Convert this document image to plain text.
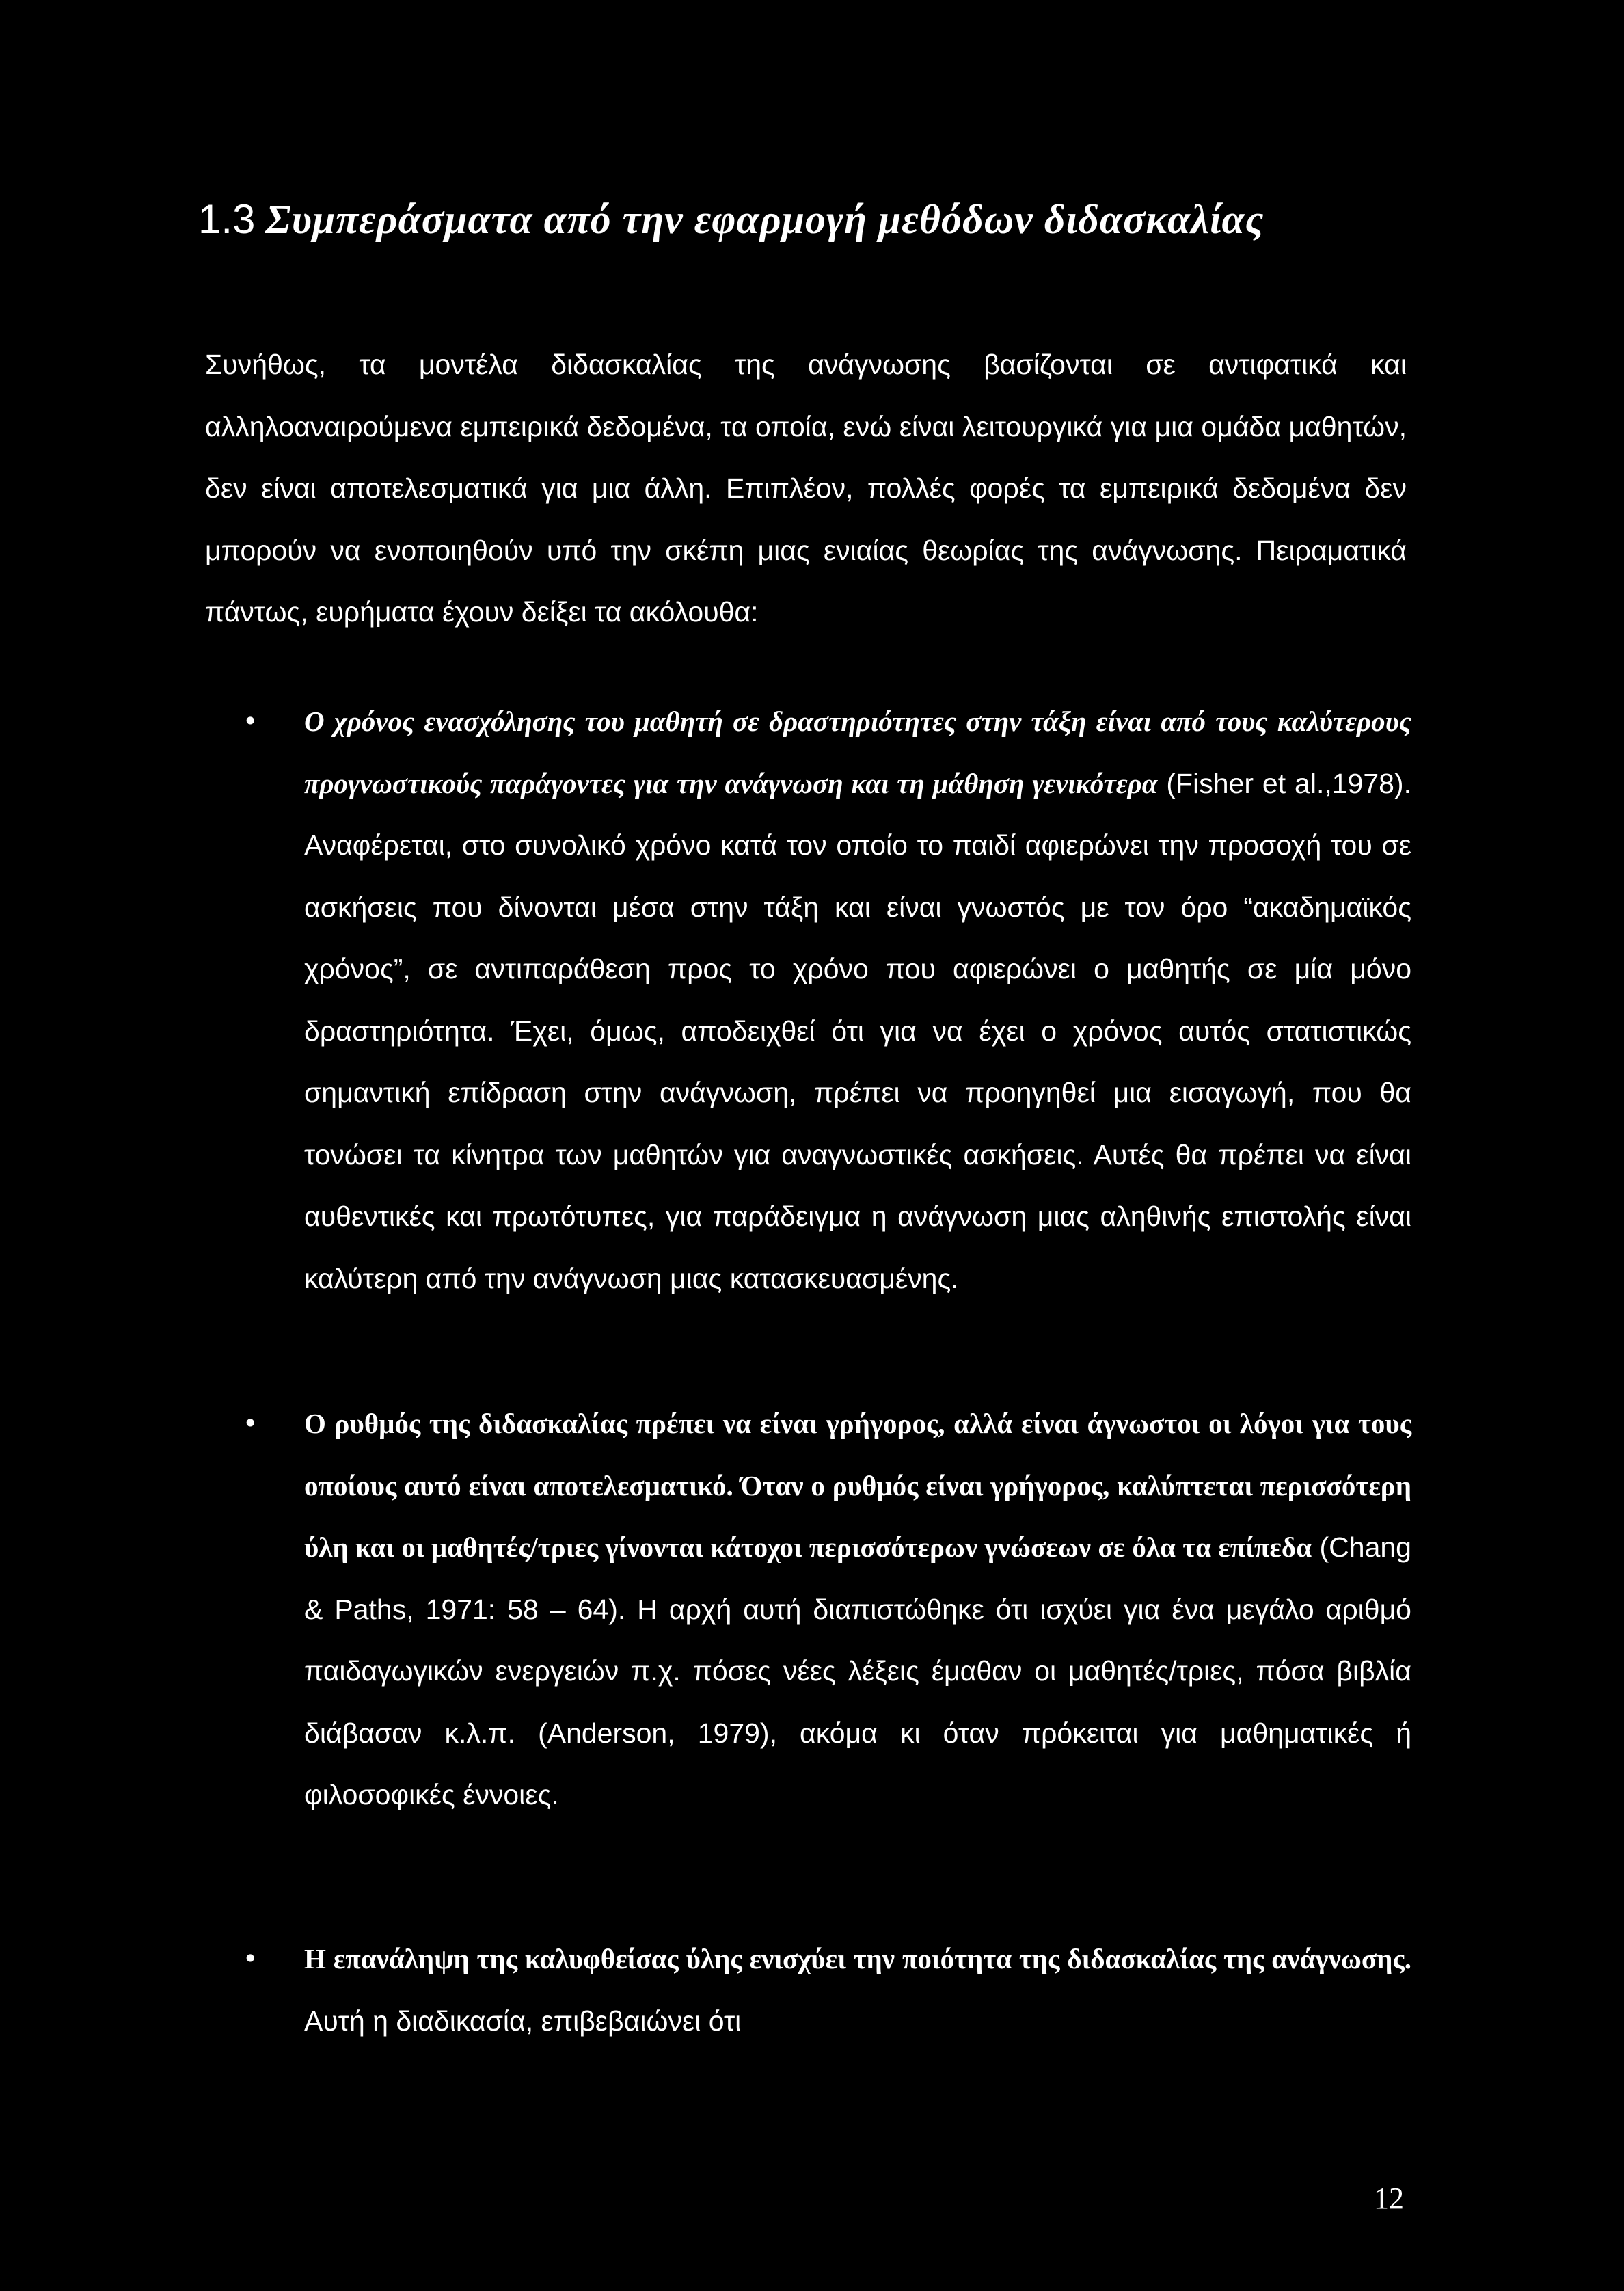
1.3 Συμπεράσματα από την εφαρμογή μεθόδων διδασκαλίας

Συνήθως, τα μοντέλα διδασκαλίας της ανάγνωσης βασίζονται σε αντιφατικά και αλληλοαναιρούμενα εμπειρικά δεδομένα, τα οποία, ενώ είναι λειτουργικά για μια ομάδα μαθητών, δεν είναι αποτελεσματικά για μια άλλη. Επιπλέον, πολλές φορές τα εμπειρικά δεδομένα δεν μπορούν να ενοποιηθούν υπό την σκέπη μιας ενιαίας θεωρίας της ανάγνωσης. Πειραματικά πάντως, ευρήματα έχουν δείξει τα ακόλουθα:

• Ο χρόνος ενασχόλησης του μαθητή σε δραστηριότητες στην τάξη είναι από τους καλύτερους προγνωστικούς παράγοντες για την ανάγνωση και τη μάθηση γενικότερα (Fisher et al.,1978). Αναφέρεται, στο συνολικό χρόνο κατά τον οποίο το παιδί αφιερώνει την προσοχή του σε ασκήσεις που δίνονται μέσα στην τάξη και είναι γνωστός με τον όρο “ακαδημαϊκός χρόνος”, σε αντιπαράθεση προς το χρόνο που αφιερώνει ο μαθητής σε μία μόνο δραστηριότητα. Έχει, όμως, αποδειχθεί ότι για να έχει ο χρόνος αυτός στατιστικώς σημαντική επίδραση στην ανάγνωση, πρέπει να προηγηθεί μια εισαγωγή, που θα τονώσει τα κίνητρα των μαθητών για αναγνωστικές ασκήσεις. Αυτές θα πρέπει να είναι αυθεντικές και πρωτότυπες, για παράδειγμα η ανάγνωση μιας αληθινής επιστολής είναι καλύτερη από την ανάγνωση μιας κατασκευασμένης.
• Ο ρυθμός της διδασκαλίας πρέπει να είναι γρήγορος, αλλά είναι άγνωστοι οι λόγοι για τους οποίους αυτό είναι αποτελεσματικό. Όταν ο ρυθμός είναι γρήγορος, καλύπτεται περισσότερη ύλη και οι μαθητές/τριες γίνονται κάτοχοι περισσότερων γνώσεων σε όλα τα επίπεδα (Chang & Paths, 1971: 58 – 64). Η αρχή αυτή διαπιστώθηκε ότι ισχύει για ένα μεγάλο αριθμό παιδαγωγικών ενεργειών π.χ. πόσες νέες λέξεις έμαθαν οι μαθητές/τριες, πόσα βιβλία διάβασαν κ.λ.π. (Anderson, 1979), ακόμα κι όταν πρόκειται για μαθηματικές ή φιλοσοφικές έννοιες.
• Η επανάληψη της καλυφθείσας ύλης ενισχύει την ποιότητα της διδασκαλίας της ανάγνωσης. Αυτή η διαδικασία, επιβεβαιώνει ότι
12
